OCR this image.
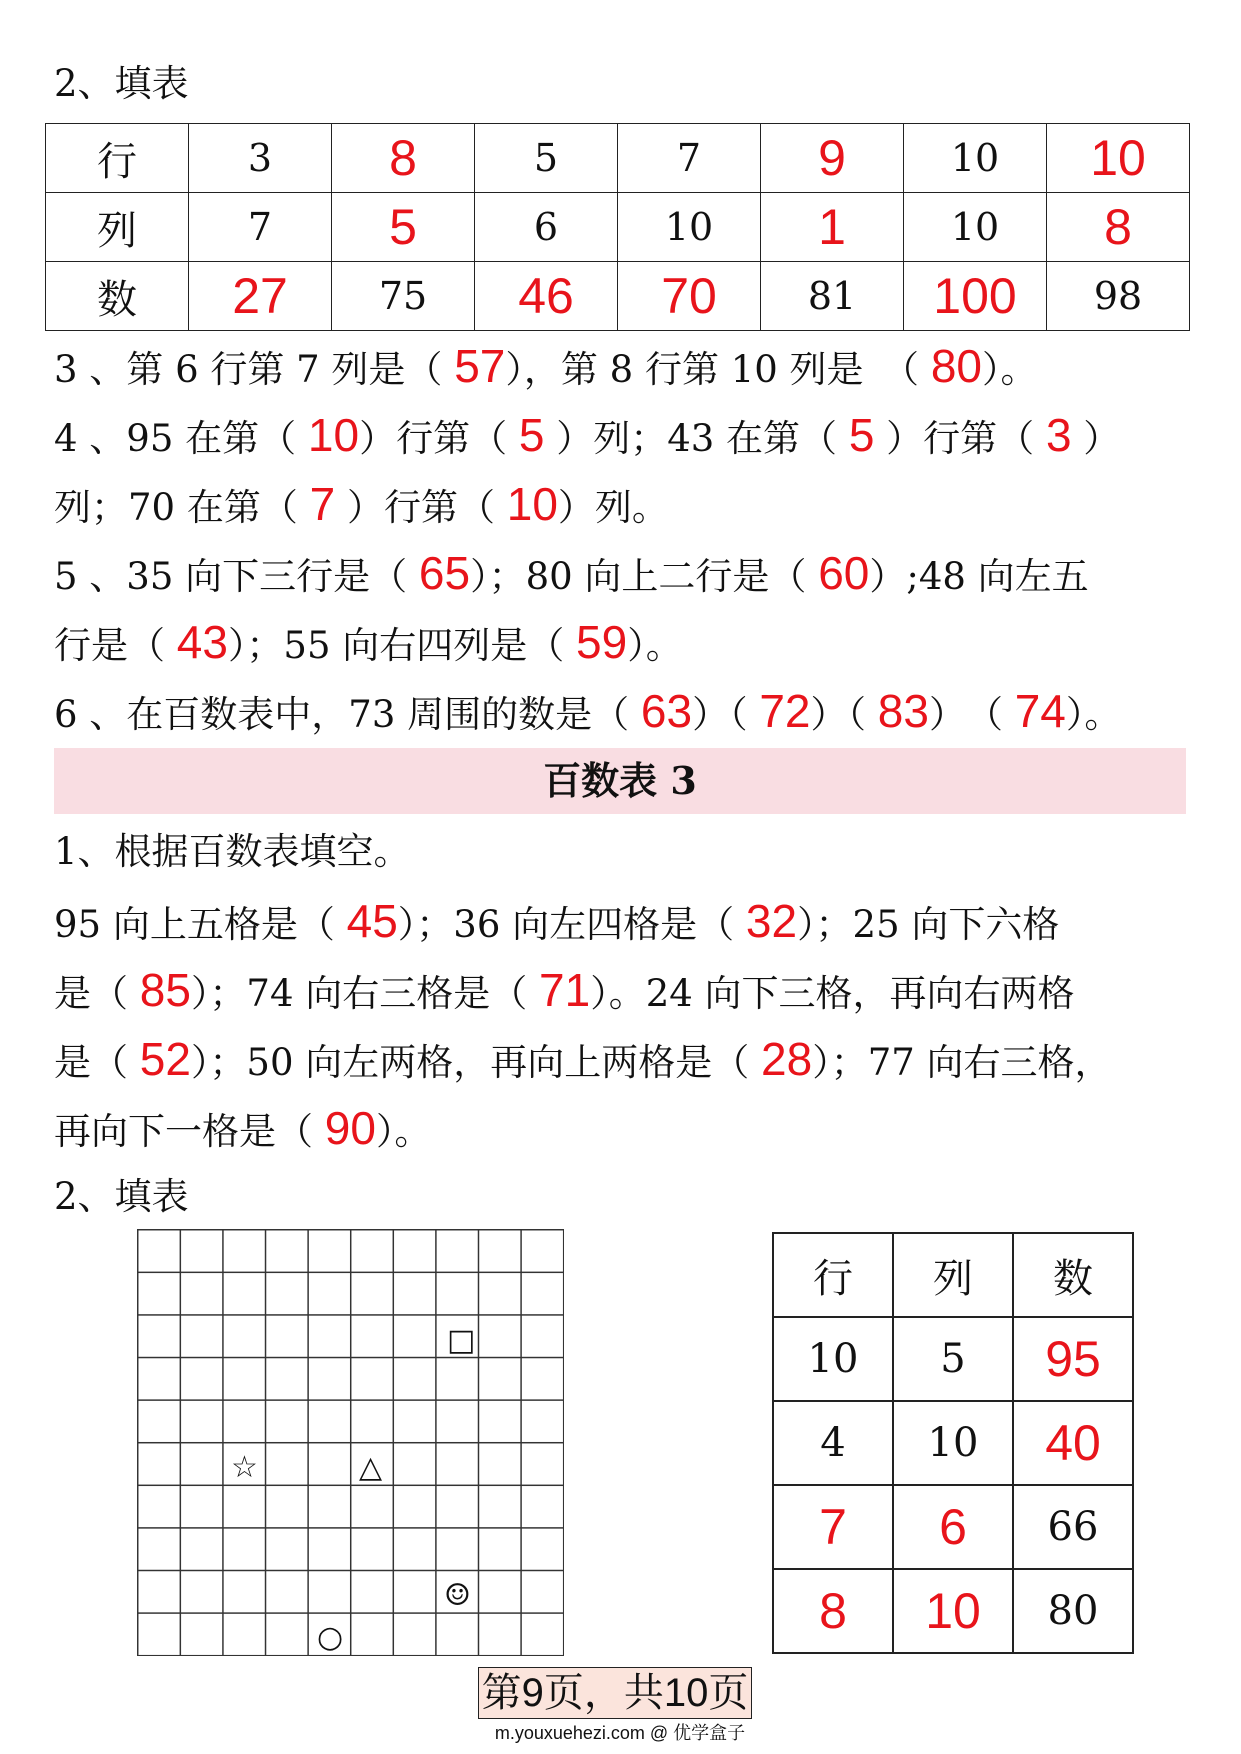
2、填表
行	3	8	5	7	9	10	10
列	7	5	6	10	1	10	8
数	27	75	46	70	81	100	98
3 、第 6 行第 7 列是（ 57），第 8 行第 10 列是　（ 80）。
4 、95 在第（ 10）行第（ 5 ）列；43 在第（ 5 ）行第（ 3 ）
列；70 在第（ 7 ）行第（ 10）列。
5 、35 向下三行是（ 65）；80 向上二行是（ 60）;48 向左五
行是（ 43）；55 向右四列是（ 59）。
6 、在百数表中，73 周围的数是（ 63）（ 72）（ 83）　（ 74）。
百数表 3
1、根据百数表填空。
95 向上五格是（ 45）；36 向左四格是（ 32）；25 向下六格
是（ 85）；74 向右三格是（ 71）。24 向下三格，再向右两格
是（ 52）；50 向左两格，再向上两格是（ 28）；77 向右三格，
再向下一格是（ 90）。
2、填表
□
☆	△
☺
○
行	列	数
10	5	95
4	10	40
7	6	66
8	10	80
第9页，共10页
m.youxuehezi.com @ 优学盒子
